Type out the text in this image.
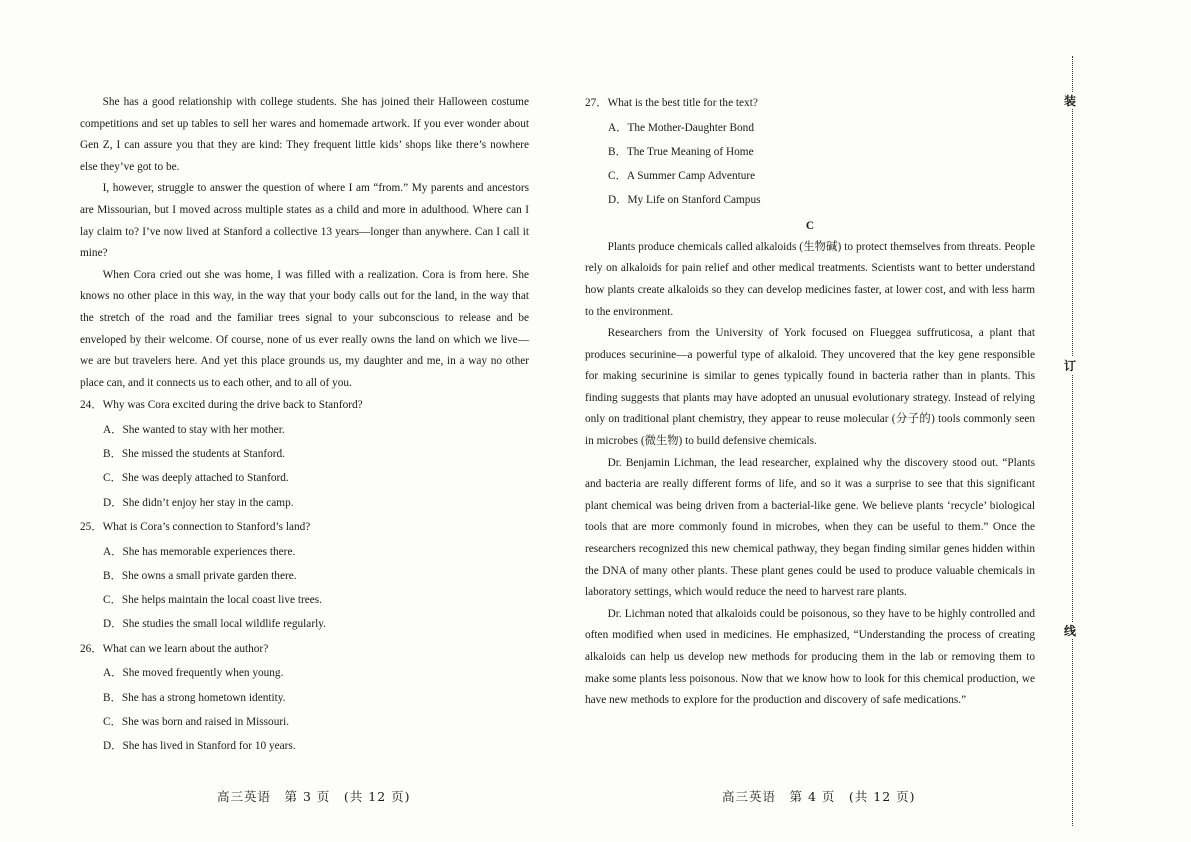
She has a good relationship with college students. She has joined their Halloween costume competitions and set up tables to sell her wares and homemade artwork. If you ever wonder about Gen Z, I can assure you that they are kind: They frequent little kids’ shops like there’s nowhere else they’ve got to be.

I, however, struggle to answer the question of where I am “from.” My parents and ancestors are Missourian, but I moved across multiple states as a child and more in adulthood. Where can I lay claim to? I’ve now lived at Stanford a collective 13 years—longer than anywhere. Can I call it mine?

When Cora cried out she was home, I was filled with a realization. Cora is from here. She knows no other place in this way, in the way that your body calls out for the land, in the way that the stretch of the road and the familiar trees signal to your subconscious to release and be enveloped by their welcome. Of course, none of us ever really owns the land on which we live—we are but travelers here. And yet this place grounds us, my daughter and me, in a way no other place can, and it connects us to each other, and to all of you.

24．Why was Cora excited during the drive back to Stanford?

A．She wanted to stay with her mother.

B．She missed the students at Stanford.

C．She was deeply attached to Stanford.

D．She didn’t enjoy her stay in the camp.

25．What is Cora’s connection to Stanford’s land?

A．She has memorable experiences there.

B．She owns a small private garden there.

C．She helps maintain the local coast live trees.

D．She studies the small local wildlife regularly.

26．What can we learn about the author?

A．She moved frequently when young.

B．She has a strong hometown identity.

C．She was born and raised in Missouri.

D．She has lived in Stanford for 10 years.

27．What is the best title for the text?

A．The Mother-Daughter Bond

B．The True Meaning of Home

C．A Summer Camp Adventure

D．My Life on Stanford Campus

C

Plants produce chemicals called alkaloids (生物碱) to protect themselves from threats. People rely on alkaloids for pain relief and other medical treatments. Scientists want to better understand how plants create alkaloids so they can develop medicines faster, at lower cost, and with less harm to the environment.

Researchers from the University of York focused on Flueggea suffruticosa, a plant that produces securinine—a powerful type of alkaloid. They uncovered that the key gene responsible for making securinine is similar to genes typically found in bacteria rather than in plants. This finding suggests that plants may have adopted an unusual evolutionary strategy. Instead of relying only on traditional plant chemistry, they appear to reuse molecular (分子的) tools commonly seen in microbes (微生物) to build defensive chemicals.

Dr. Benjamin Lichman, the lead researcher, explained why the discovery stood out. “Plants and bacteria are really different forms of life, and so it was a surprise to see that this significant plant chemical was being driven from a bacterial-like gene. We believe plants ‘recycle’ biological tools that are more commonly found in microbes, when they can be useful to them.” Once the researchers recognized this new chemical pathway, they began finding similar genes hidden within the DNA of many other plants. These plant genes could be used to produce valuable chemicals in laboratory settings, which would reduce the need to harvest rare plants.

Dr. Lichman noted that alkaloids could be poisonous, so they have to be highly controlled and often modified when used in medicines. He emphasized, “Understanding the process of creating alkaloids can help us develop new methods for producing them in the lab or removing them to make some plants less poisonous. Now that we know how to look for this chemical production, we have new methods to explore for the production and discovery of safe medications.”

高三英语　第 3 页　(共 12 页)	高三英语　第 4 页　(共 12 页)
装
订
线
